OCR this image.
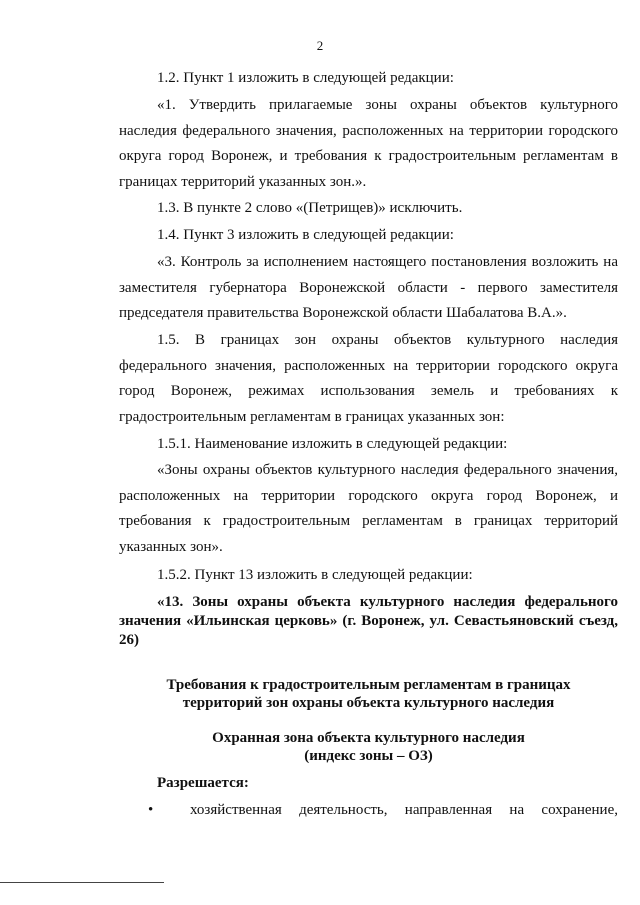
2

1.2. Пункт 1 изложить в следующей редакции:

«1. Утвердить прилагаемые зоны охраны объектов культурного наследия федерального значения, расположенных на территории городского округа город Воронеж, и требования к градостроительным регламентам в границах территорий указанных зон.».

1.3. В пункте 2 слово «(Петрищев)» исключить.

1.4. Пункт 3 изложить в следующей редакции:

«3. Контроль за исполнением настоящего постановления возложить на заместителя губернатора Воронежской области - первого заместителя председателя правительства Воронежской области Шабалатова В.А.».

1.5. В границах зон охраны объектов культурного наследия федерального значения, расположенных на территории городского округа город Воронеж, режимах использования земель и требованиях к градостроительным регламентам в границах указанных зон:

1.5.1. Наименование изложить в следующей редакции:

«Зоны охраны объектов культурного наследия федерального значения, расположенных на территории городского округа город Воронеж, и требования к градостроительным регламентам в границах территорий указанных зон».

1.5.2. Пункт 13 изложить в следующей редакции:

«13. Зоны охраны объекта культурного наследия федерального значения «Ильинская церковь» (г. Воронеж, ул. Севастьяновский съезд, 26)

Требования к градостроительным регламентам в границах

территорий зон охраны объекта культурного наследия

Охранная зона объекта культурного наследия

(индекс зоны – ОЗ)

Разрешается:

•	хозяйственная деятельность, направленная на сохранение,
